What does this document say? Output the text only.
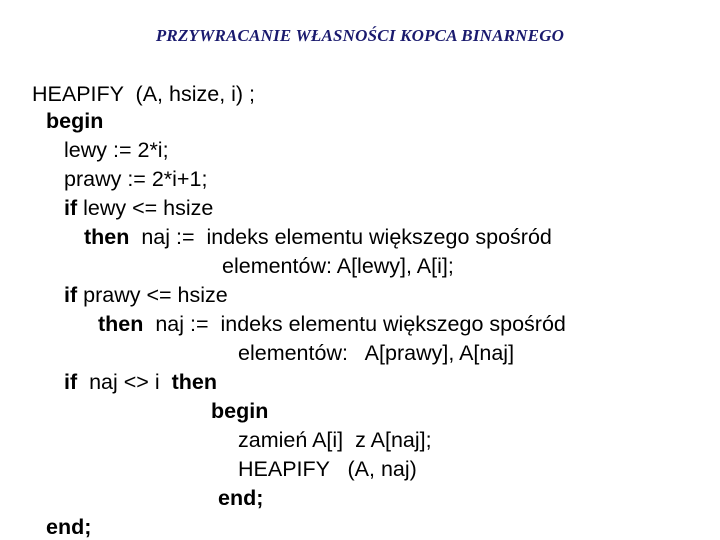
PRZYWRACANIE WŁASNOŚCI KOPCA BINARNEGO
HEAPIFY  (A, hsize, i) ;
begin
lewy := 2*i;
prawy := 2*i+1;
if lewy <= hsize
then  naj :=  indeks elementu większego spośród
elementów: A[lewy], A[i];
if prawy <= hsize
then  naj :=  indeks elementu większego spośród
elementów:   A[prawy], A[naj]
if  naj <> i  then
begin
zamień A[i]  z A[naj];
HEAPIFY   (A, naj)
end;
end;
